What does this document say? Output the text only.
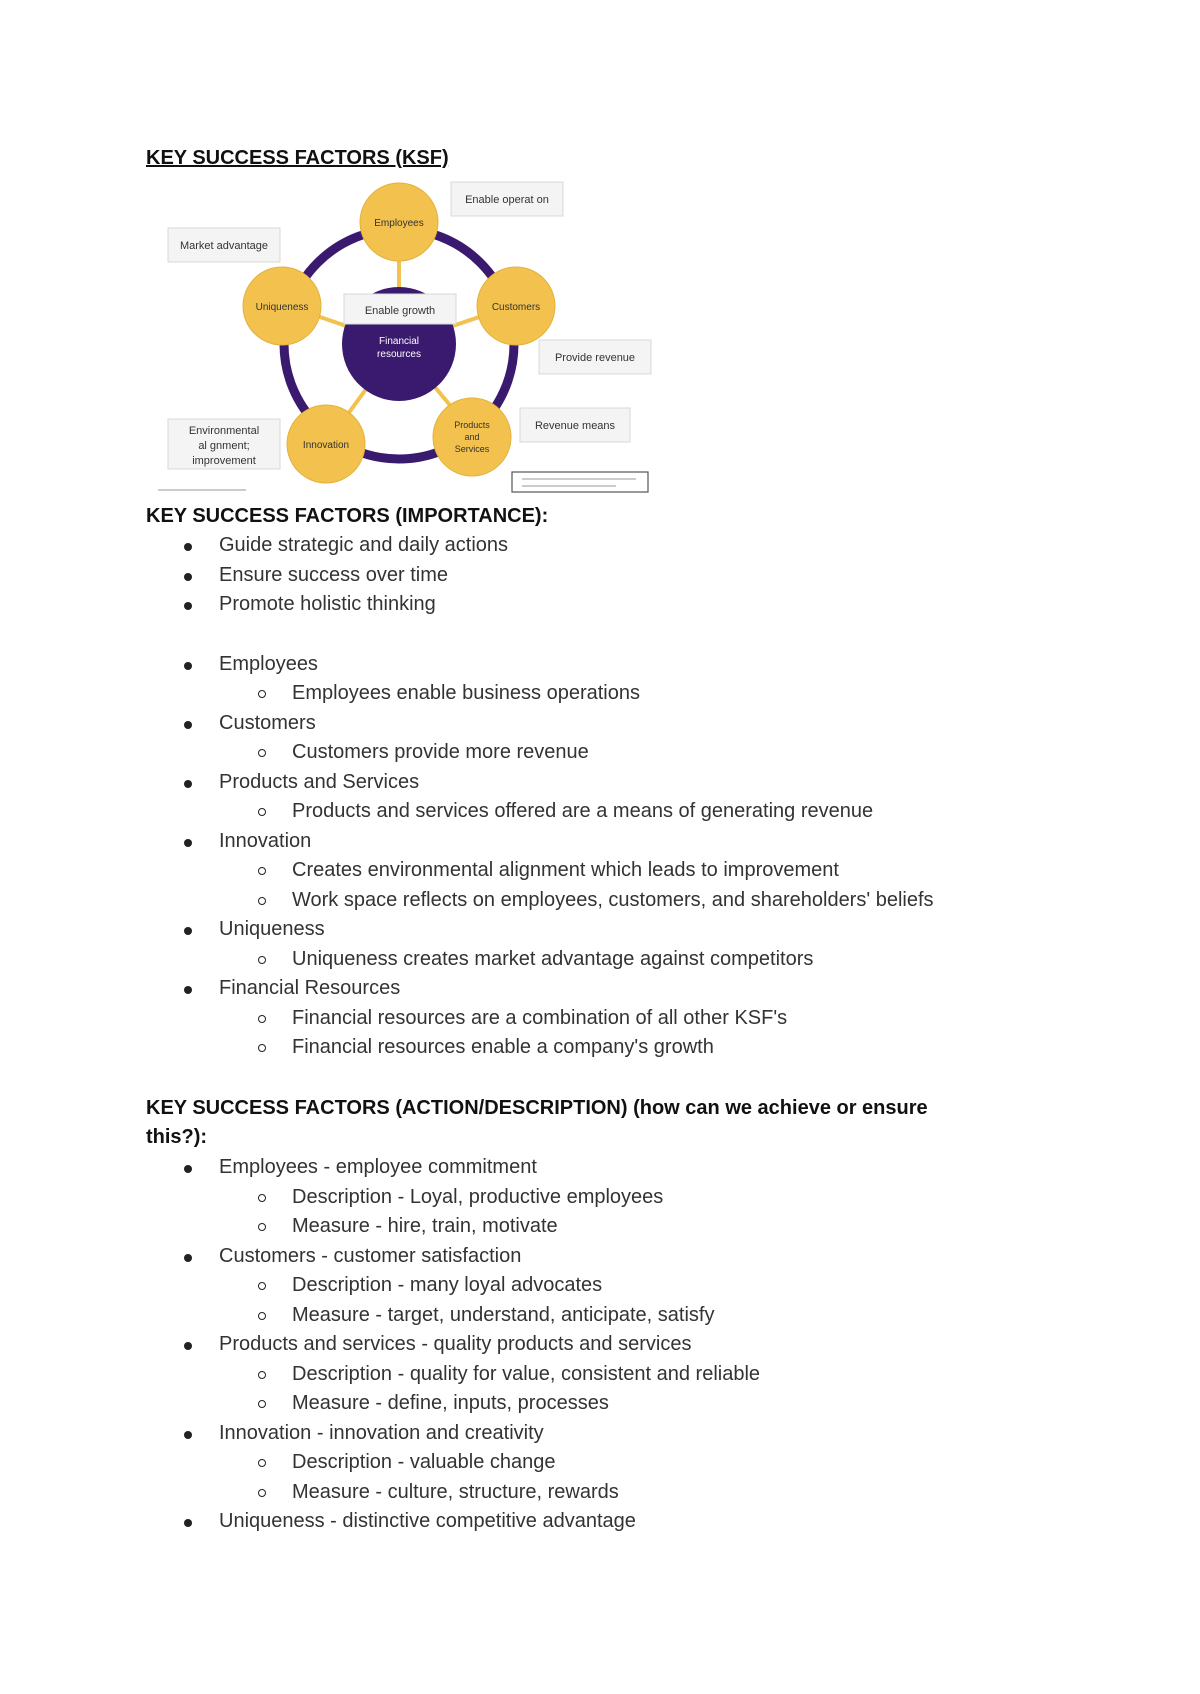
KEY SUCCESS FACTORS (KSF)
Financial
resources
Enable growth
Employees
Customers
Products
and
Services
Innovation
Uniqueness
Enable operat on
Market advantage
Provide revenue
Revenue means
Environmental
al gnment;
improvement
KEY SUCCESS FACTORS (IMPORTANCE):
Guide strategic and daily actions
Ensure success over time
Promote holistic thinking
Employees
Employees enable business operations
Customers
Customers provide more revenue
Products and Services
Products and services offered are a means of generating revenue
Innovation
Creates environmental alignment which leads to improvement
Work space reflects on employees, customers, and shareholders' beliefs
Uniqueness
Uniqueness creates market advantage against competitors
Financial Resources
Financial resources are a combination of all other KSF's
Financial resources enable a company's growth
KEY SUCCESS FACTORS (ACTION/DESCRIPTION) (how can we achieve or ensure
this?):
Employees - employee commitment
Description - Loyal, productive employees
Measure - hire, train, motivate
Customers - customer satisfaction
Description - many loyal advocates
Measure - target, understand, anticipate, satisfy
Products and services - quality products and services
Description - quality for value, consistent and reliable
Measure - define, inputs, processes
Innovation - innovation and creativity
Description - valuable change
Measure - culture, structure, rewards
Uniqueness - distinctive competitive advantage
